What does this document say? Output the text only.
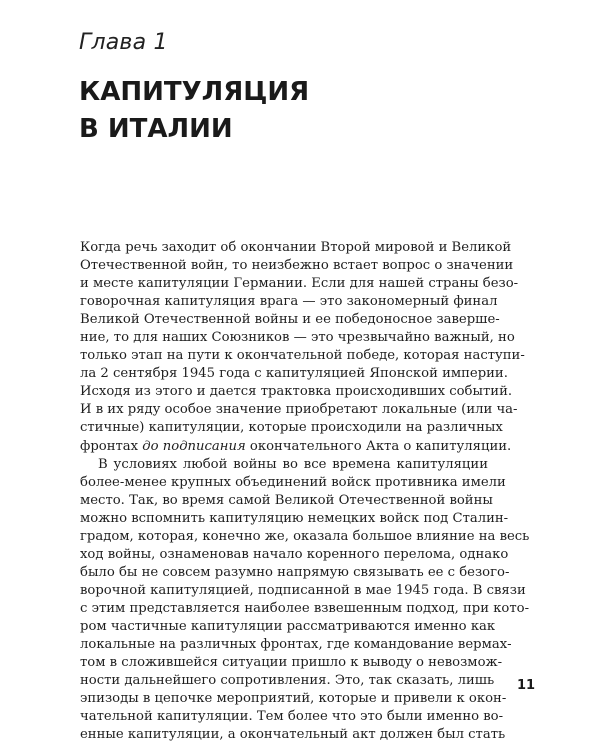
Глава 1
КАПИТУЛЯЦИЯ
В ИТАЛИИ
Когда речь заходит об окончании Второй мировой и Великой
Отечественной войн, то неизбежно встает вопрос о значении
и месте капитуляции Германии. Если для нашей страны безо-
говорочная капитуляция врага — это закономерный финал
Великой Отечественной войны и ее победоносное заверше-
ние, то для наших Союзников — это чрезвычайно важный, но
только этап на пути к окончательной победе, которая наступи-
ла 2 сентября 1945 года с капитуляцией Японской империи.
Исходя из этого и дается трактовка происходивших событий.
И в их ряду особое значение приобретают локальные (или ча-
стичные) капитуляции, которые происходили на различных
фронтах до подписания окончательного Акта о капитуляции.
В условиях любой войны во все времена капитуляции
более-менее крупных объединений войск противника имели
место. Так, во время самой Великой Отечественной войны
можно вспомнить капитуляцию немецких войск под Сталин-
градом, которая, конечно же, оказала большое влияние на весь
ход войны, ознаменовав начало коренного перелома, однако
было бы не совсем разумно напрямую связывать ее с безого-
ворочной капитуляцией, подписанной в мае 1945 года. В связи
с этим представляется наиболее взвешенным подход, при кото-
ром частичные капитуляции рассматриваются именно как
локальные на различных фронтах, где командование вермах-
том в сложившейся ситуации пришло к выводу о невозмож-
ности дальнейшего сопротивления. Это, так сказать, лишь
эпизоды в цепочке мероприятий, которые и привели к окон-
чательной капитуляции. Тем более что это были именно во-
енные капитуляции, а окончательный акт должен был стать
11
